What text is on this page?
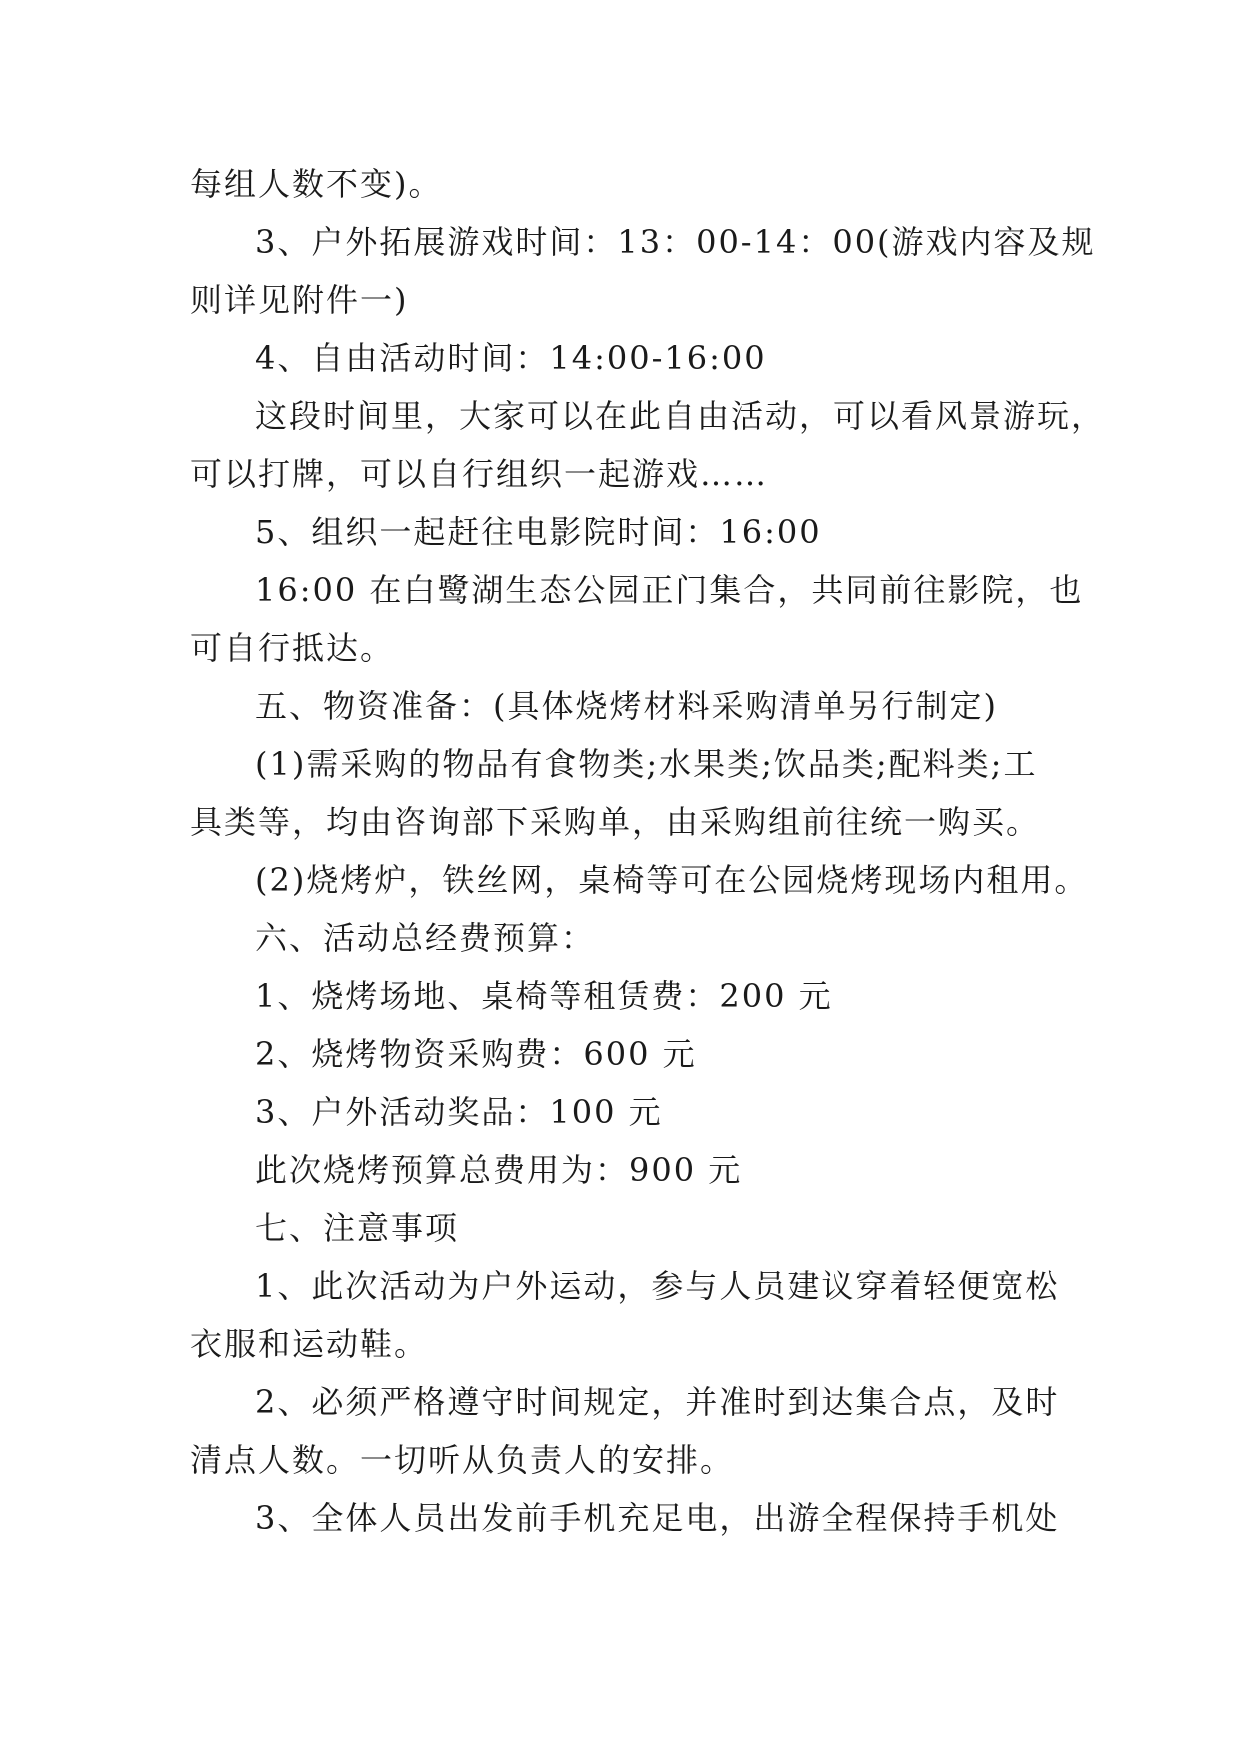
每组人数不变)。
3、户外拓展游戏时间：13：00-14：00(游戏内容及规
则详见附件一)
4、自由活动时间：14:00-16:00
这段时间里，大家可以在此自由活动，可以看风景游玩，
可以打牌，可以自行组织一起游戏……
5、组织一起赶往电影院时间：16:00
16:00 在白鹭湖生态公园正门集合，共同前往影院，也
可自行抵达。
五、物资准备：(具体烧烤材料采购清单另行制定)
(1)需采购的物品有食物类;水果类;饮品类;配料类;工
具类等，均由咨询部下采购单，由采购组前往统一购买。
(2)烧烤炉，铁丝网，桌椅等可在公园烧烤现场内租用。
六、活动总经费预算：
1、烧烤场地、桌椅等租赁费：200 元
2、烧烤物资采购费：600 元
3、户外活动奖品：100 元
此次烧烤预算总费用为：900 元
七、注意事项
1、此次活动为户外运动，参与人员建议穿着轻便宽松
衣服和运动鞋。
2、必须严格遵守时间规定，并准时到达集合点，及时
清点人数。一切听从负责人的安排。
3、全体人员出发前手机充足电，出游全程保持手机处
